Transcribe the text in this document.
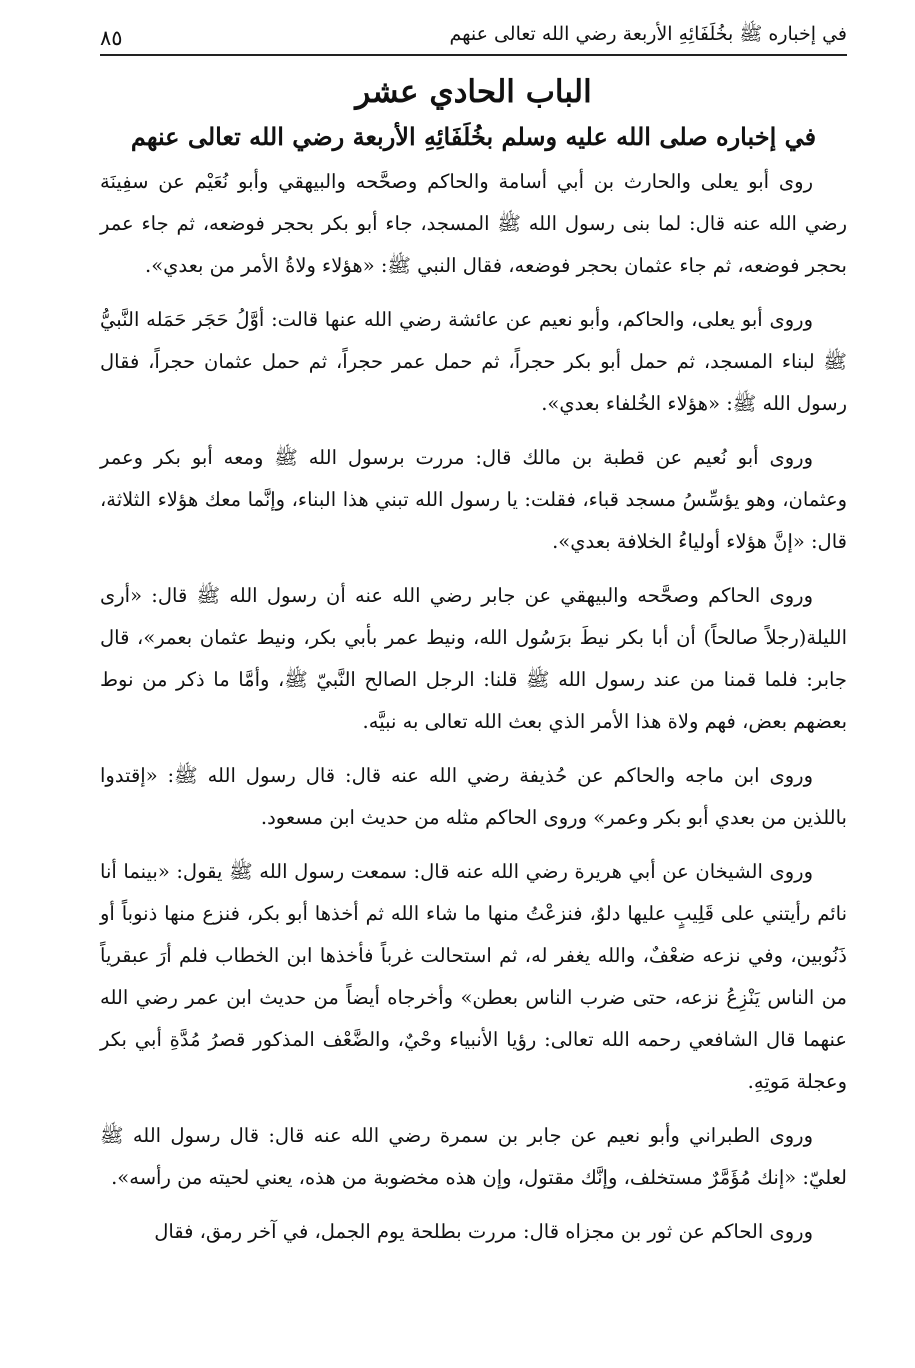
في إخباره ﷺ بخُلَفَائِهِ الأربعة رضي الله تعالى عنهم
٨٥
الباب الحادي عشر
في إخباره صلى الله عليه وسلم بخُلَفَائِهِ الأربعة رضي الله تعالى عنهم

روى أبو يعلى والحارث بن أبي أسامة والحاكم وصحَّحه والبيهقي وأبو نُعَيْم عن سفِينَة رضي الله عنه قال: لما بنى رسول الله ﷺ المسجد، جاء أبو بكر بحجر فوضعه، ثم جاء عمر بحجر فوضعه، ثم جاء عثمان بحجر فوضعه، فقال النبي ﷺ: «هؤلاء ولاةُ الأمر من بعدي».

وروى أبو يعلى، والحاكم، وأبو نعيم عن عائشة رضي الله عنها قالت: أوَّلُ حَجَر حَمَله النَّبيُّ ﷺ لبناء المسجد، ثم حمل أبو بكر حجراً، ثم حمل عمر حجراً، ثم حمل عثمان حجراً، فقال رسول الله ﷺ: «هؤلاء الخُلفاء بعدي».

وروى أبو نُعيم عن قطبة بن مالك قال: مررت برسول الله ﷺ ومعه أبو بكر وعمر وعثمان، وهو يؤسِّسُ مسجد قباء، فقلت: يا رسول الله تبني هذا البناء، وإنَّما معك هؤلاء الثلاثة، قال: «إنَّ هؤلاء أولياءُ الخلافة بعدي».

وروى الحاكم وصحَّحه والبيهقي عن جابر رضي الله عنه أن رسول الله ﷺ قال: «أرى الليلة(رجلاً صالحاً) أن أبا بكر نيطَ برَسُول الله، ونيط عمر بأبي بكر، ونيط عثمان بعمر»، قال جابر: فلما قمنا من عند رسول الله ﷺ قلنا: الرجل الصالح النَّبيّ ﷺ، وأمَّا ما ذكر من نوط بعضهم بعض، فهم ولاة هذا الأمر الذي بعث الله تعالى به نبيَّه.

وروى ابن ماجه والحاكم عن حُذيفة رضي الله عنه قال: قال رسول الله ﷺ: «إقتدوا باللذين من بعدي أبو بكر وعمر» وروى الحاكم مثله من حديث ابن مسعود.

وروى الشيخان عن أبي هريرة رضي الله عنه قال: سمعت رسول الله ﷺ يقول: «بينما أنا نائم رأيتني على قَلِيبٍ عليها دلوٌ، فنزعْتُ منها ما شاء الله ثم أخذها أبو بكر، فنزع منها ذنوباً أو ذَنُوبين، وفي نزعه ضعْفٌ، والله يغفر له، ثم استحالت غرباً فأخذها ابن الخطاب فلم أرَ عبقرياً من الناس يَنْزِعُ نزعه، حتى ضرب الناس بعطن» وأخرجاه أيضاً من حديث ابن عمر رضي الله عنهما قال الشافعي رحمه الله تعالى: رؤيا الأنبياء وحْيٌ، والضَّعْف المذكور قصرُ مُدَّةِ أبي بكر وعجلة مَوتِهِ.

وروى الطبراني وأبو نعيم عن جابر بن سمرة رضي الله عنه قال: قال رسول الله ﷺ لعليّ: «إنك مُؤَمَّرٌ مستخلف، وإنَّك مقتول، وإن هذه مخضوبة من هذه، يعني لحيته من رأسه».

وروى الحاكم عن ثور بن مجزاه قال: مررت بطلحة يوم الجمل، في آخر رمق، فقال
